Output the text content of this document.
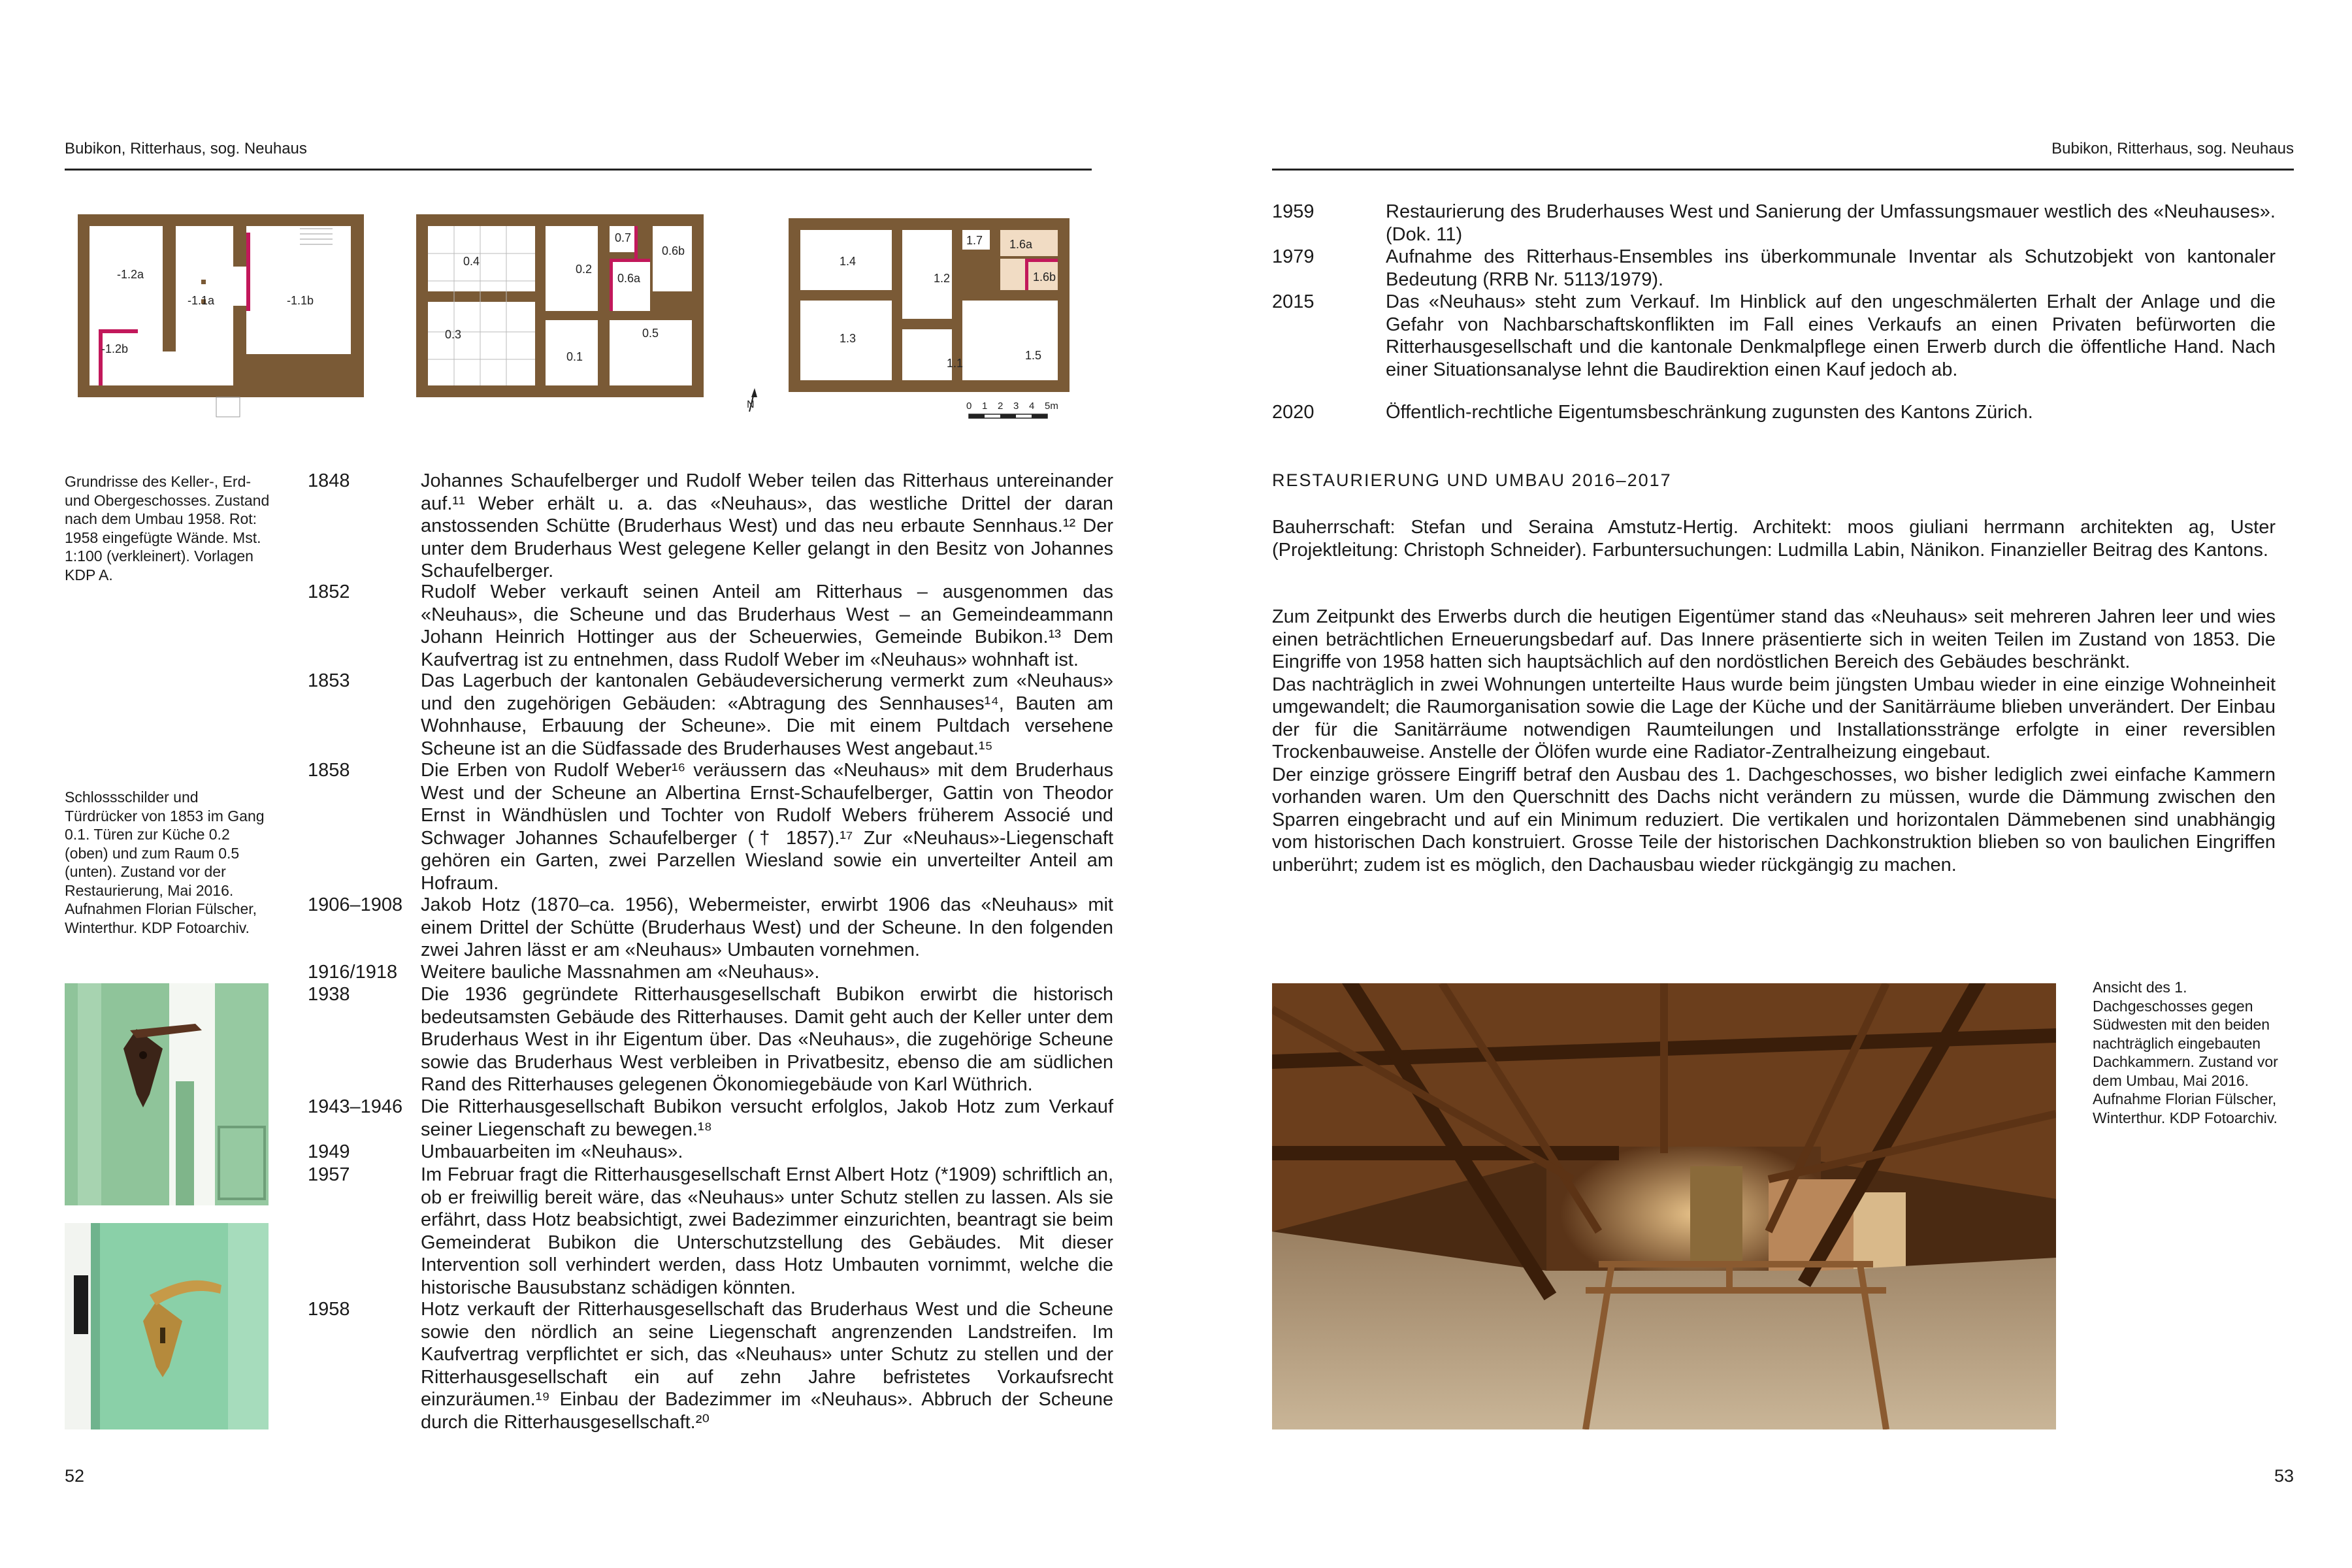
Bubikon, Ritterhaus, sog. Neuhaus
-1.2a
-1.1a	-1.1b
-1.2b
0.7
0.6b
0.6a
0.4
0.2
0.3
0.1
0.5
1.7 1.6a
1.6b
1.4
1.2
1.3
1.1
1.5
N	0 1 2 3 4 5m
Grundrisse des Keller-, Erd- und Obergeschosses. Zustand nach dem Umbau 1958. Rot: 1958 eingefügte Wände. Mst. 1:100 (verkleinert). Vorlagen KDP A.
Schlossschilder und Türdrücker von 1853 im Gang 0.1. Türen zur Küche 0.2 (oben) und zum Raum 0.5 (unten). Zustand vor der Restaurierung, Mai 2016. Aufnahmen Florian Fülscher, Winterthur. KDP Fotoarchiv.
1848	Johannes Schaufelberger und Rudolf Weber teilen das Ritterhaus untereinander auf.¹¹ Weber erhält u. a. das «Neuhaus», das westliche Drittel der daran anstossenden Schütte (Bruderhaus West) und das neu erbaute Sennhaus.¹² Der unter dem Bruderhaus West gelegene Keller gelangt in den Besitz von Johannes Schaufelberger.
1852	Rudolf Weber verkauft seinen Anteil am Ritterhaus – ausgenommen das «Neuhaus», die Scheune und das Bruderhaus West – an Gemeindeammann Johann Heinrich Hottinger aus der Scheuerwies, Gemeinde Bubikon.¹³ Dem Kaufvertrag ist zu entnehmen, dass Rudolf Weber im «Neuhaus» wohnhaft ist.
1853	Das Lagerbuch der kantonalen Gebäudeversicherung vermerkt zum «Neuhaus» und den zugehörigen Gebäuden: «Abtragung des Sennhauses¹⁴, Bauten am Wohnhause, Erbauung der Scheune». Die mit einem Pultdach versehene Scheune ist an die Südfassade des Bruderhauses West angebaut.¹⁵
1858	Die Erben von Rudolf Weber¹⁶ veräussern das «Neuhaus» mit dem Bruderhaus West und der Scheune an Albertina Ernst-Schaufelberger, Gattin von Theodor Ernst in Wändhüslen und Tochter von Rudolf Webers früherem Associé und Schwager Johannes Schaufelberger († 1857).¹⁷ Zur «Neuhaus»-Liegenschaft gehören ein Garten, zwei Parzellen Wiesland sowie ein unverteilter Anteil am Hofraum.
1906–1908 Jakob Hotz (1870–ca. 1956), Webermeister, erwirbt 1906 das «Neuhaus» mit einem Drittel der Schütte (Bruderhaus West) und der Scheune. In den folgenden zwei Jahren lässt er am «Neuhaus» Umbauten vornehmen.
1916/1918	Weitere bauliche Massnahmen am «Neuhaus».
1938	Die 1936 gegründete Ritterhausgesellschaft Bubikon erwirbt die historisch bedeutsamsten Gebäude des Ritterhauses. Damit geht auch der Keller unter dem Bruderhaus West in ihr Eigentum über. Das «Neuhaus», die zugehörige Scheune sowie das Bruderhaus West verbleiben in Privatbesitz, ebenso die am südlichen Rand des Ritterhauses gelegenen Ökonomiegebäude von Karl Wüthrich.
1943–1946 Die Ritterhausgesellschaft Bubikon versucht erfolglos, Jakob Hotz zum Verkauf seiner Liegenschaft zu bewegen.¹⁸
1949	Umbauarbeiten im «Neuhaus».
1957	Im Februar fragt die Ritterhausgesellschaft Ernst Albert Hotz (*1909) schriftlich an, ob er freiwillig bereit wäre, das «Neuhaus» unter Schutz stellen zu lassen. Als sie erfährt, dass Hotz beabsichtigt, zwei Badezimmer einzurichten, beantragt sie beim Gemeinderat Bubikon die Unterschutzstellung des Gebäudes. Mit dieser Intervention soll verhindert werden, dass Hotz Umbauten vornimmt, welche die historische Bausubstanz schädigen könnten.
1958	Hotz verkauft der Ritterhausgesellschaft das Bruderhaus West und die Scheune sowie den nördlich an seine Liegenschaft angrenzenden Landstreifen. Im Kaufvertrag verpflichtet er sich, das «Neuhaus» unter Schutz zu stellen und der Ritterhausgesellschaft ein auf zehn Jahre befristetes Vorkaufsrecht einzuräumen.¹⁹ Einbau der Badezimmer im «Neuhaus». Abbruch der Scheune durch die Ritterhausgesellschaft.²⁰
52
Bubikon, Ritterhaus, sog. Neuhaus
1959	Restaurierung des Bruderhauses West und Sanierung der Umfassungsmauer westlich des «Neuhauses». (Dok. 11)
1979	Aufnahme des Ritterhaus-Ensembles ins überkommunale Inventar als Schutzobjekt von kantonaler Bedeutung (RRB Nr. 5113/1979).
2015	Das «Neuhaus» steht zum Verkauf. Im Hinblick auf den ungeschmälerten Erhalt der Anlage und die Gefahr von Nachbarschaftskonflikten im Fall eines Verkaufs an einen Privaten befürworten die Ritterhausgesellschaft und die kantonale Denkmalpflege einen Erwerb durch die öffentliche Hand. Nach einer Situationsanalyse lehnt die Baudirektion einen Kauf jedoch ab.
2020	Öffentlich-rechtliche Eigentumsbeschränkung zugunsten des Kantons Zürich.
RESTAURIERUNG UND UMBAU 2016–2017
Bauherrschaft: Stefan und Seraina Amstutz-Hertig. Architekt: moos giuliani herrmann architekten ag, Uster (Projektleitung: Christoph Schneider). Farbuntersuchungen: Ludmilla Labin, Nänikon. Finanzieller Beitrag des Kantons.
Zum Zeitpunkt des Erwerbs durch die heutigen Eigentümer stand das «Neuhaus» seit mehreren Jahren leer und wies einen beträchtlichen Erneuerungsbedarf auf. Das Innere präsentierte sich in weiten Teilen im Zustand von 1853. Die Eingriffe von 1958 hatten sich hauptsächlich auf den nordöstlichen Bereich des Gebäudes beschränkt.
Das nachträglich in zwei Wohnungen unterteilte Haus wurde beim jüngsten Umbau wieder in eine einzige Wohneinheit umgewandelt; die Raumorganisation sowie die Lage der Küche und der Sanitärräume blieben unverändert. Der Einbau der für die Sanitärräume notwendigen Raumteilungen und Installationsstränge erfolgte in einer reversiblen Trockenbauweise. Anstelle der Ölöfen wurde eine Radiator-Zentralheizung eingebaut.
Der einzige grössere Eingriff betraf den Ausbau des 1. Dachgeschosses, wo bisher lediglich zwei einfache Kammern vorhanden waren. Um den Querschnitt des Dachs nicht verändern zu müssen, wurde die Dämmung zwischen den Sparren eingebracht und auf ein Minimum reduziert. Die vertikalen und horizontalen Dämmebenen sind unabhängig vom historischen Dach konstruiert. Grosse Teile der historischen Dachkonstruktion blieben so von baulichen Eingriffen unberührt; zudem ist es möglich, den Dachausbau wieder rückgängig zu machen.
Ansicht des 1. Dachgeschosses gegen Südwesten mit den beiden nachträglich eingebauten Dachkammern. Zustand vor dem Umbau, Mai 2016. Aufnahme Florian Fülscher, Winterthur. KDP Fotoarchiv.
53
